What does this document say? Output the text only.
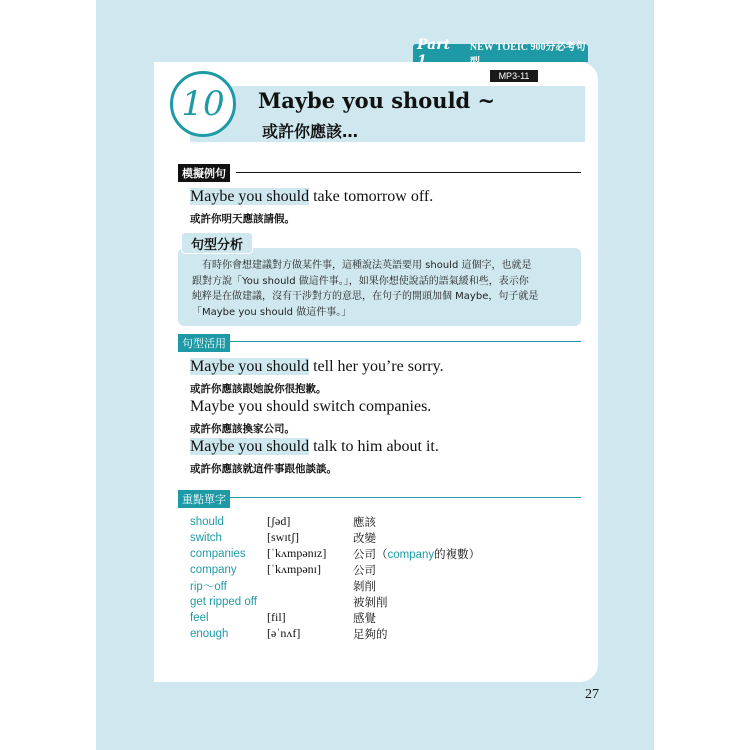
Part 1
NEW TOEIC 900分必考句型
MP3-11
10 Maybe you should ~
或許你應該…
模擬例句
Maybe you should take tomorrow off.
或許你明天應該請假。
句型分析
有時你會想建議對方做某件事，這種說法英語要用 should 這個字，也就是
跟對方說「You should 做這件事。」，如果你想使說話的語氣緩和些，表示你
純粹是在做建議，沒有干涉對方的意思，在句子的開頭加個 Maybe，句子就是
「Maybe you should 做這件事。」
句型活用
Maybe you should tell her you’re sorry.
或許你應該跟她說你很抱歉。
Maybe you should switch companies.
或許你應該換家公司。
Maybe you should talk to him about it.
或許你應該就這件事跟他談談。
重點單字
should	[ʃəd]	應該
switch	[swɪtʃ]	改變
companies [ˈkʌmpənɪz] 公司（company的複數）
company	[ˈkʌmpənɪ]	公司
rip～off	剝削
get ripped off	被剝削
feel	[fil]	感覺
enough	[əˈnʌf]	足夠的
27
